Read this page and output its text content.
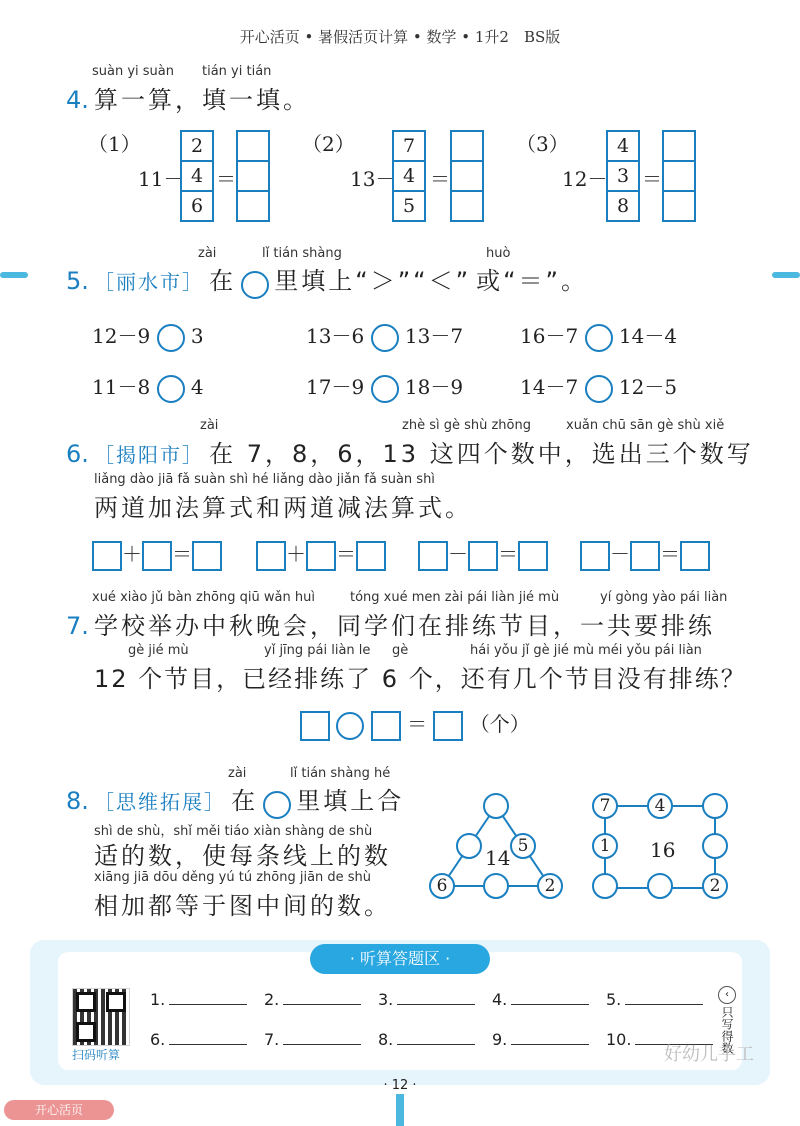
开心活页 • 暑假活页计算 • 数学 • 1升2　BS版
suàn yi suàn tián yi tián
4. 算一算，填一填。
（1）
11－
2
4
6
＝
（2）
13－
7
4
5
＝
（3）
12－
4
3
8
＝
zài	lǐ tián shàng	huò
5. ［丽水市］ 在 里填上“＞”“＜” 或“＝”。
12－9 3	13－6 13－7	16－7 14－4
11－8 4	17－9 18－9	14－7 12－5
zài	zhè sì gè shù zhōng	xuǎn chū sān gè shù xiě
6. ［揭阳市］ 在 7，8，6，13 这四个数中，选出三个数写
liǎng dào jiā fǎ suàn shì hé liǎng dào jiǎn fǎ suàn shì
两道加法算式和两道减法算式。
＋ ＝	＋ ＝	－ ＝	－ ＝
xué xiào jǔ bàn zhōng qiū wǎn huì	tóng xué men zài pái liàn jié mù	yí gòng yào pái liàn
7. 学校举办中秋晚会，同学们在排练节目，一共要排练
gè jié mù	yǐ jīng pái liàn le gè	hái yǒu jǐ gè jié mù méi yǒu pái liàn
12 个节目，已经排练了 6 个，还有几个节目没有排练？
＝ （个）
zài	lǐ tián shàng hé
8. ［思维拓展］ 在 里填上合
shì de shù，shǐ měi tiáo xiàn shàng de shù
适的数，使每条线上的数
xiāng jiā dōu děng yú tú zhōng jiān de shù
相加都等于图中间的数。
5
6	2
14
7	4
1
2
16
· 听算答题区 ·
扫码听算
1.	2.	3.	4.	5.
6.	7.	8.	9.	10.
‹
只写得数
好幼儿手工
· 12 ·
开心活页
